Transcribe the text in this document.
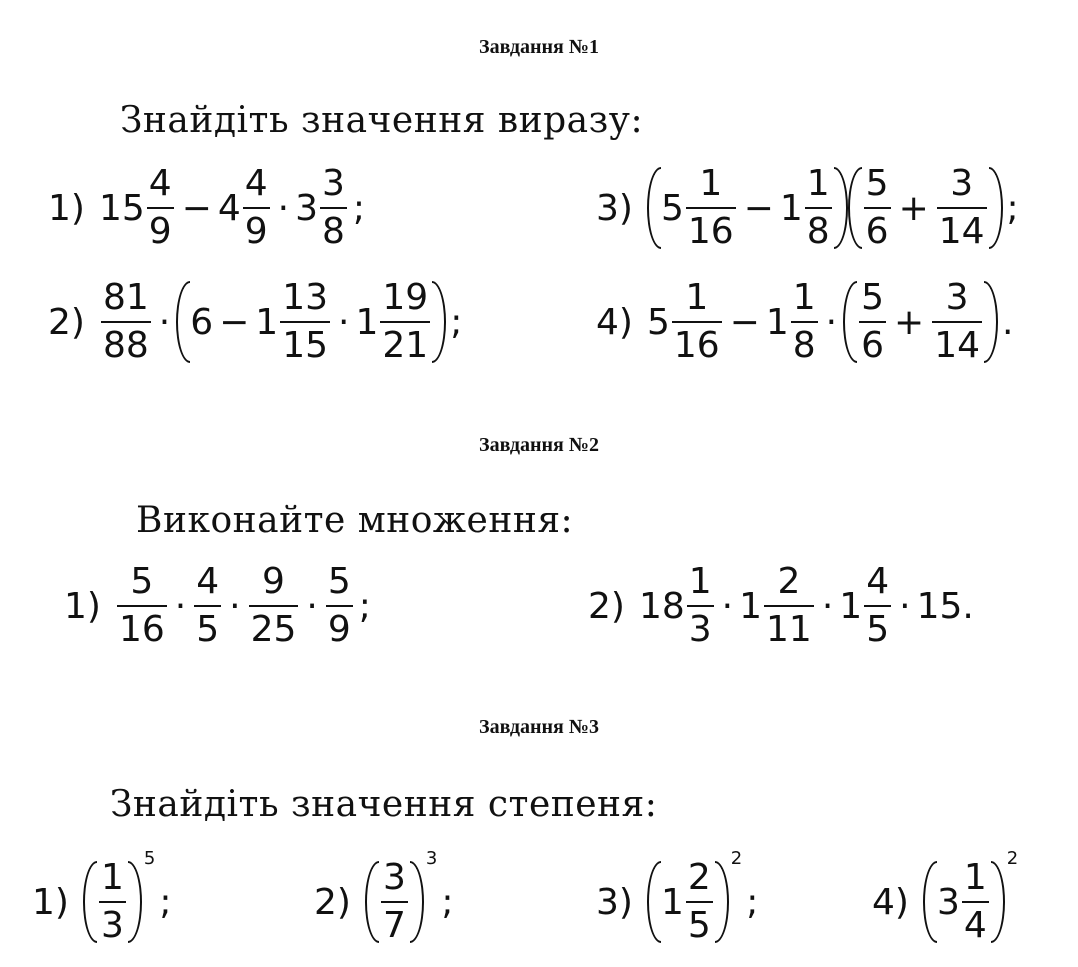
Завдання №1
Знайдіть значення виразу:
1) $15 \frac{4}{9} - 4 \frac{4}{9} \cdot 3 \frac{3}{8}$ ;
$2) \frac{81}{88} \cdot 6 - 1 \frac{13}{15} \cdot 1 \frac{19}{21}$ ;
3) $5 \frac{1}{16} - 1 \frac{1}{8} \frac{5}{6} + \frac{3}{14}$ ;
4) $5 \frac{1}{16} - 1 \frac{1}{8} \cdot \frac{5}{6} + \frac{3}{14}$ .
Завдання №2
Виконайте множення:
$1) \frac{5}{16} \cdot \frac{4}{5} \cdot \frac{9}{25} \cdot \frac{5}{9}$ ;	2) $18 \frac{1}{3} \cdot 1 \frac{2}{11} \cdot 1 \frac{4}{5} \cdot 15$ .
Завдання №3
Знайдіть значення степеня:
$1) \frac{1}{3}$
5
;	$2) \frac{3}{7}$
3
;	3) $1 \frac{2}{5}$
2
;	4) $3 \frac{1}{4}$
2
